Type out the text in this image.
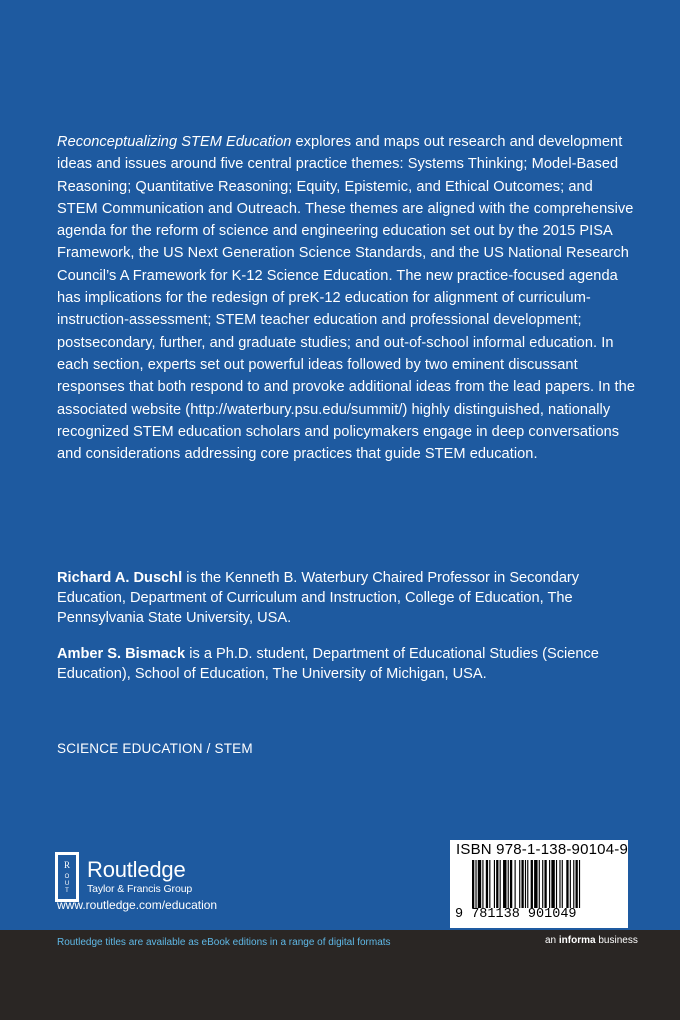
Reconceptualizing STEM Education explores and maps out research and development ideas and issues around five central practice themes: Systems Thinking; Model-Based Reasoning; Quantitative Reasoning; Equity, Epistemic, and Ethical Outcomes; and STEM Communication and Outreach. These themes are aligned with the comprehensive agenda for the reform of science and engineering education set out by the 2015 PISA Framework, the US Next Generation Science Standards, and the US National Research Council’s A Framework for K-12 Science Education. The new practice-focused agenda has implications for the redesign of preK-12 education for alignment of curriculum-instruction-assessment; STEM teacher education and professional development; postsecondary, further, and graduate studies; and out-of-school informal education. In each section, experts set out powerful ideas followed by two eminent discussant responses that both respond to and provoke additional ideas from the lead papers. In the associated website (http://waterbury.psu.edu/summit/) highly distinguished, nationally recognized STEM education scholars and policymakers engage in deep conversations and considerations addressing core practices that guide STEM education.
Richard A. Duschl is the Kenneth B. Waterbury Chaired Professor in Secondary Education, Department of Curriculum and Instruction, College of Education, The Pennsylvania State University, USA.
Amber S. Bismack is a Ph.D. student, Department of Educational Studies (Science Education), School of Education, The University of Michigan, USA.
SCIENCE EDUCATION / STEM
R
O
U
T
Routledge
Taylor & Francis Group
www.routledge.com/education
ISBN 978-1-138-90104-9
9 781138 901049
Routledge titles are available as eBook editions in a range of digital formats	an informa business
